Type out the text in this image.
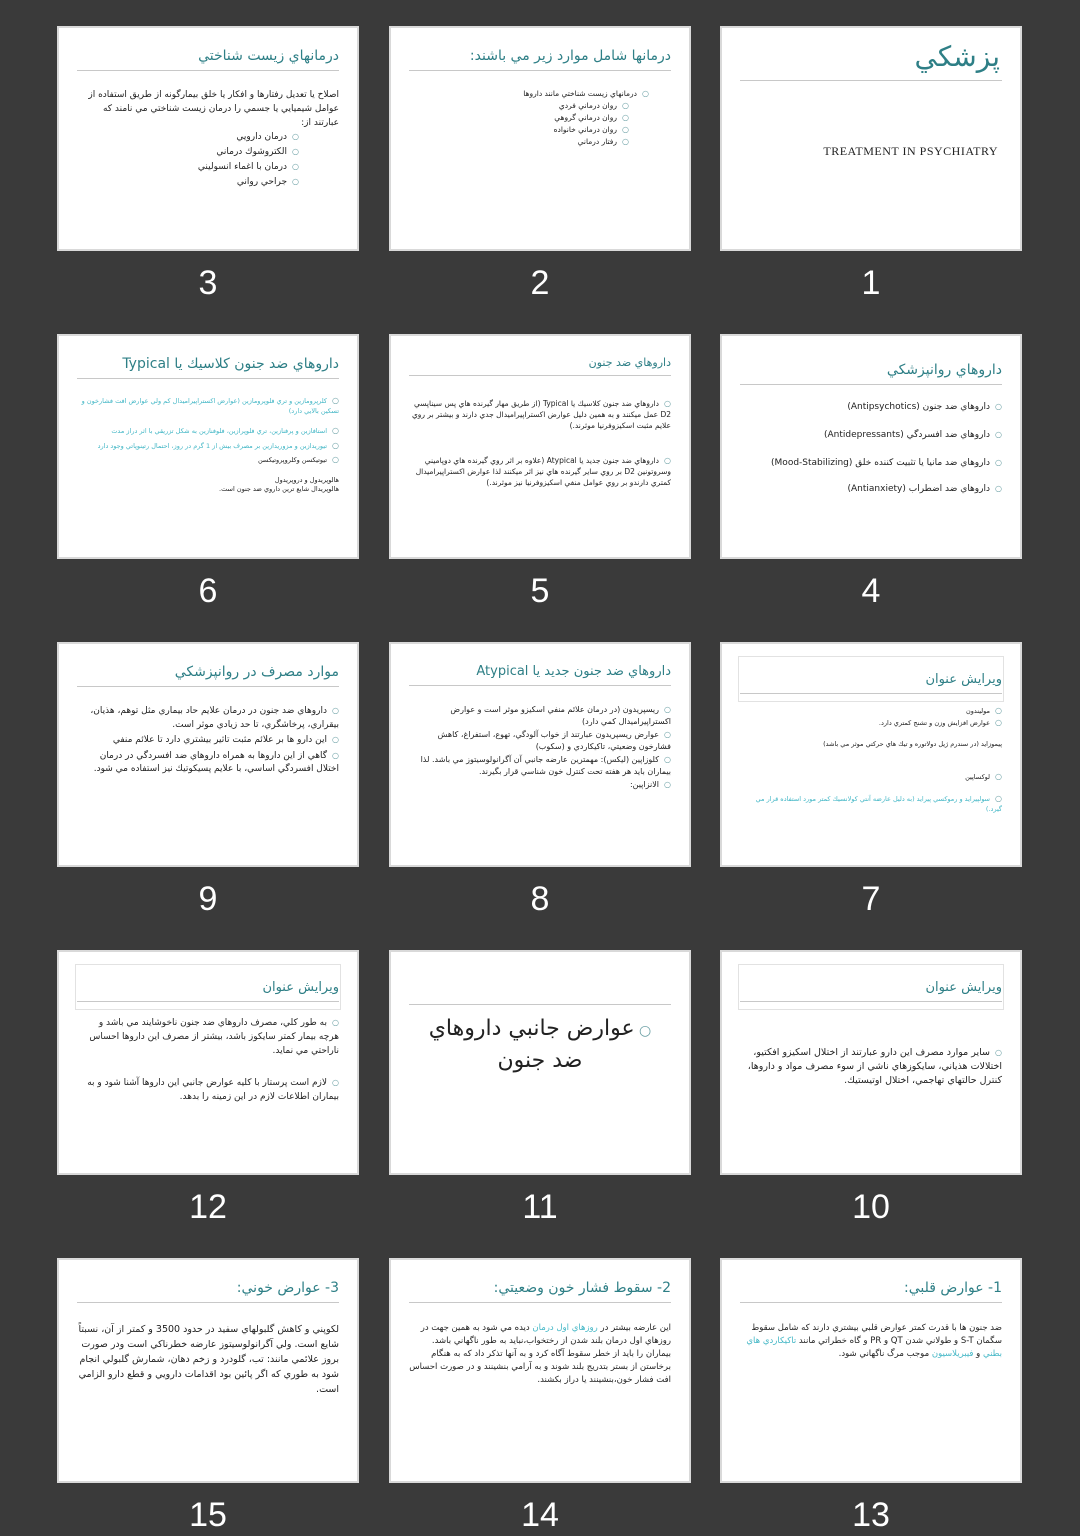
پزشكي
TREATMENT IN PSYCHIATRY
1
درمانها شامل موارد زير مي باشند:
○ درمانهاي زيست شناختي مانند داروها
○ روان درماني فردي
○ روان درماني گروهي
○ روان درماني خانواده
○ رفتار درماني
2
درمانهاي زيست شناختي

اصلاح يا تعديل رفتارها و افكار يا خلق بيمارگونه از طريق استفاده از عوامل شيميايي يا جسمي را درمان زيست شناختي مي نامند كه عبارتند از:

○ درمان دارويي
○ الكتروشوك درماني
○ درمان با اغماء انسوليني
○ جراحي رواني
3
داروهاي روانپزشكي
○ داروهاي ضد جنون (Antipsychotics)
○ داروهاي ضد افسردگي (Antidepressants)
○ داروهاي ضد مانيا يا تثبيت كننده خلق (Mood-Stabilizing)
○ داروهاي ضد اضطراب (Antianxiety)
4
داروهاي ضد جنون
○ داروهاي ضد جنون كلاسيك يا Typical (از طريق مهار گيرنده هاي پس سيناپسي D2 عمل ميكنند و به همين دليل عوارض اكستراپيراميدال جدي دارند و بيشتر بر روي علايم مثبت اسكيزوفرنيا موثرند.)
○ داروهاي ضد جنون جديد يا Atypical (علاوه بر اثر روي گيرنده هاي دوپاميني وسروتونين D2 بر روي ساير گيرنده هاي نيز اثر ميكنند لذا عوارض اكستراپيراميدال كمتري دارندو بر روي عوامل منفي اسكيزوفرنيا نيز موثرند.)
5
داروهاي ضد جنون كلاسيك يا Typical
○ كلرپرومازين و تري فلوپرومازين (عوارض اكستراپيراميدال كم ولي عوارض افت فشارخون و تسكين بالايي دارد)
○ استافازين و پرفنازين، تري فلوپرازين، فلوفنازين به شكل تزريقي با اثر دراز مدت
○ تيوريدازين و مزوريدازين بر مصرف بيش از 1 گرم در روز، احتمال رتينوپاتي وجود دارد
○ تيوتيكسن وكلروپروتيكسن
هالوپريدول و دروپريدول
هالوپريدال شايع ترين داروي ضد جنون است.
6
ويرايش عنوان
○ موليندون
○ عوارض افزايش وزن و تشنج كمتري دارد.
پيموزايد (در سندرم ژيل دولاتوره و تيك هاي حركتي موثر مي باشد)
○ لوكساپين
○ سولپيرايد و رموكسي پيرايد (به دليل عارضه آنتي كولانسيك كمتر مورد استفاده قرار مي گيرد.)
7
داروهاي ضد جنون جديد يا Atypical
○ ريسپريدون (در درمان علائم منفي اسكيزو موثر است و عوارض اكستراپيراميدال كمي دارد)
○ عوارض ريسپريدون عبارتند از خواب آلودگي، تهوع، استفراغ، كاهش فشارخون وضعيتي، تاكيكاردي و (سكوب)
○ كلوزاپين (ليكس): مهمترين عارضه جانبي آن آگرانولوسيتوز مي باشد. لذا بيماران بايد هر هفته تحت كنترل خون شناسي قرار بگيرند.
○ الانزاپين:
8
موارد مصرف در روانپزشكي
○ داروهاي ضد جنون در درمان علايم حاد بيماري مثل توهم، هذيان، بيقراري، پرخاشگري، تا حد زيادي موثر است.
○ اين دارو ها بر علائم مثبت تاثير بيشتري دارد تا علائم منفي
○ گاهي از اين داروها به همراه داروهاي ضد افسردگي در درمان اختلال افسردگي اساسي، با علايم پسيكوتيك نيز استفاده مي شود.
9
ويرايش عنوان
○ ساير موارد مصرف اين دارو عبارتند از اختلال اسكيزو افكتيو، اختلالات هذياني، سايكوزهاي ناشي از سوء مصرف مواد و داروها، كنترل حالتهاي تهاجمي، اختلال اوتيستيك.
10
○ عوارض جانبي داروهاي ضد جنون
11
ويرايش عنوان
○ به طور كلي، مصرف داروهاي ضد جنون ناخوشايند مي باشد و هرچه بيمار كمتر سايكوز باشد، بيشتر از مصرف اين داروها احساس ناراحتي مي نمايد.
○ لازم است پرستار با كليه عوارض جانبي اين داروها آشنا شود و به بيماران اطلاعات لازم در اين زمينه را بدهد.
12
1- عوارض قلبي:

ضد جنون ها با قدرت كمتر عوارض قلبي بيشتري دارند كه شامل سقوط سگمان S-T و طولاني شدن QT و PR و گاه خطراتي مانند تاكيكاردي هاي بطني و فيبريلاسيون موجب مرگ ناگهاني شود.

13
2- سقوط فشار خون وضعيتي:

اين عارضه بيشتر در روزهاي اول درمان ديده مي شود به همين جهت در روزهاي اول درمان بلند شدن از رختخواب،نبايد به طور ناگهاني باشد. بيماران را بايد از خطر سقوط آگاه كرد و به آنها تذكر داد كه به هنگام برخاستن از بستر بتدريج بلند شوند و به آرامي بنشينند و در صورت احساس افت فشار خون،بنشينند يا دراز بكشند.

14
3- عوارض خوني:

لكوپني و كاهش گلبولهاي سفيد در حدود 3500 و كمتر از آن، نسبتاً شايع است. ولي آگرانولوسيتوز عارضه خطرناكي است ودر صورت بروز علائمي مانند: تب، گلودرد و زخم دهان، شمارش گلبولي انجام شود به طوري كه اگر پائين بود اقدامات دارويي و قطع دارو الزامي است.

15
